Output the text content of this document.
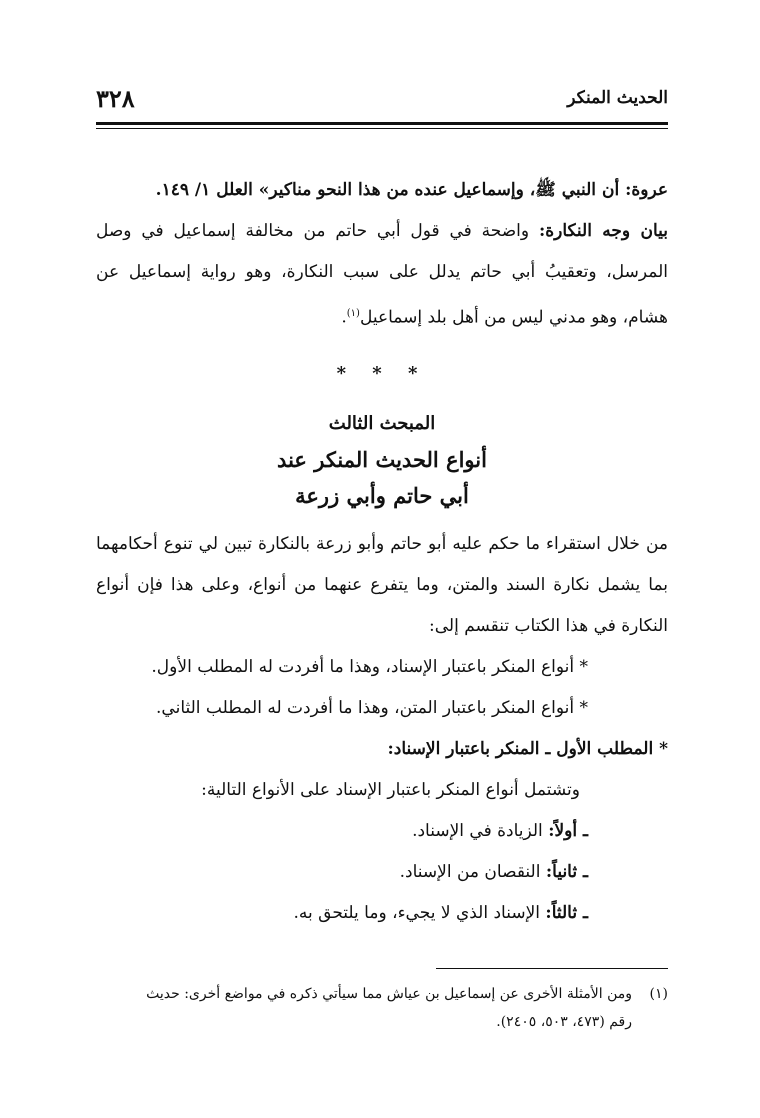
الحديث المنكر
٣٢٨

عروة: أن النبي ﷺ، وإسماعيل عنده من هذا النحو مناكير» العلل ١/ ١٤٩.

بيان وجه النكارة: واضحة في قول أبي حاتم من مخالفة إسماعيل في وصل المرسل، وتعقيبُ أبي حاتم يدلل على سبب النكارة، وهو رواية إسماعيل عن هشام، وهو مدني ليس من أهل بلد إسماعيل$^{(١)}$.

* * *

المبحث الثالث
أنواع الحديث المنكر عند
أبي حاتم وأبي زرعة

من خلال استقراء ما حكم عليه أبو حاتم وأبو زرعة بالنكارة تبين لي تنوع أحكامهما بما يشمل نكارة السند والمتن، وما يتفرع عنهما من أنواع، وعلى هذا فإن أنواع النكارة في هذا الكتاب تنقسم إلى:

* أنواع المنكر باعتبار الإسناد، وهذا ما أفردت له المطلب الأول.

* أنواع المنكر باعتبار المتن، وهذا ما أفردت له المطلب الثاني.

* المطلب الأول ـ المنكر باعتبار الإسناد:

وتشتمل أنواع المنكر باعتبار الإسناد على الأنواع التالية:

ـ أولاً: الزيادة في الإسناد.

ـ ثانياً: النقصان من الإسناد.

ـ ثالثاً: الإسناد الذي لا يجيء، وما يلتحق به.

(١)ومن الأمثلة الأخرى عن إسماعيل بن عياش مما سيأتي ذكره في مواضع أخرى: حديث
رقم (٤٧٣، ٥٠٣، ٢٤٠٥).
